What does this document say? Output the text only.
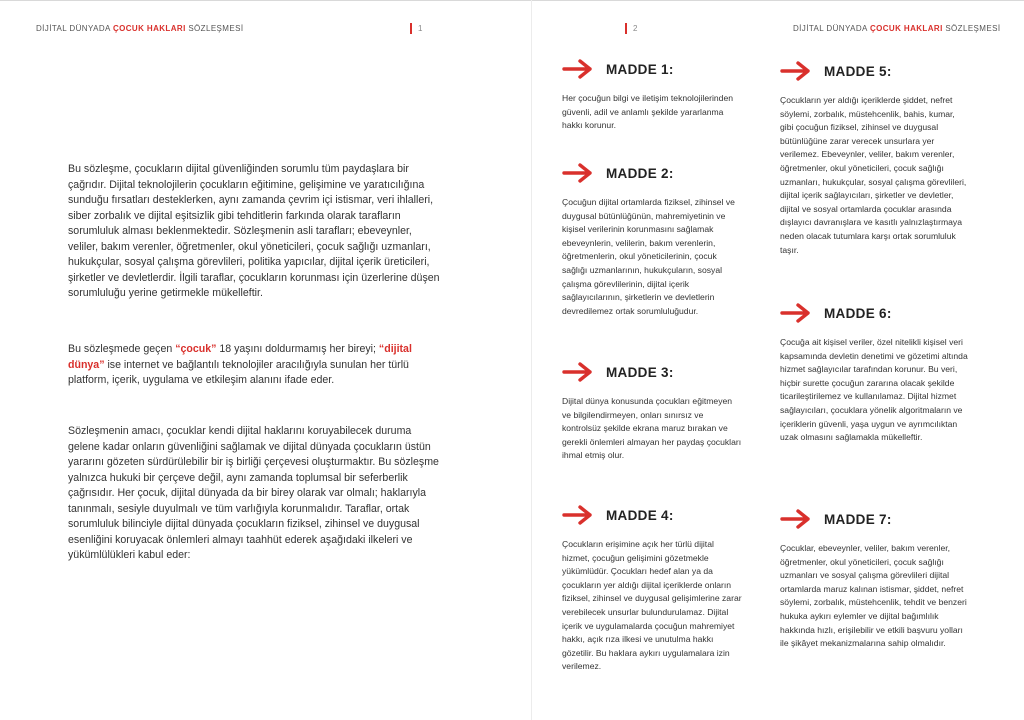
DİJİTAL DÜNYADA ÇOCUK HAKLARI SÖZLEŞMESİ	1	2	DİJİTAL DÜNYADA ÇOCUK HAKLARI SÖZLEŞMESİ

Bu sözleşme, çocukların dijital güvenliğinden sorumlu tüm paydaşlara bir çağrıdır. Dijital teknolojilerin çocukların eğitimine, gelişimine ve yaratıcılığına sunduğu fırsatları desteklerken, aynı zamanda çevrim içi istismar, veri ihlalleri, siber zorbalık ve dijital eşitsizlik gibi tehditlerin farkında olarak tarafların sorumluluk alması beklenmektedir. Sözleşmenin asli tarafları; ebeveynler, veliler, bakım verenler, öğretmenler, okul yöneticileri, çocuk sağlığı uzmanları, hukukçular, sosyal çalışma görevlileri, politika yapıcılar, dijital içerik üreticileri, şirketler ve devletlerdir. İlgili taraflar, çocukların korunması için üzerlerine düşen sorumluluğu yerine getirmekle mükelleftir.

Bu sözleşmede geçen “çocuk” 18 yaşını doldurmamış her bireyi; “dijital dünya” ise internet ve bağlantılı teknolojiler aracılığıyla sunulan her türlü platform, içerik, uygulama ve etkileşim alanını ifade eder.

Sözleşmenin amacı, çocuklar kendi dijital haklarını koruyabilecek duruma gelene kadar onların güvenliğini sağlamak ve dijital dünyada çocukların üstün yararını gözeten sürdürülebilir bir iş birliği çerçevesi oluşturmaktır. Bu sözleşme yalnızca hukuki bir çerçeve değil, aynı zamanda toplumsal bir seferberlik çağrısıdır. Her çocuk, dijital dünyada da bir birey olarak var olmalı; haklarıyla tanınmalı, sesiyle duyulmalı ve tüm varlığıyla korunmalıdır. Taraflar, ortak sorumluluk bilinciyle dijital dünyada çocukların fiziksel, zihinsel ve duygusal esenliğini koruyacak önlemleri almayı taahhüt ederek aşağıdaki ilkeleri ve yükümlülükleri kabul eder:

MADDE 1:
Her çocuğun bilgi ve iletişim teknolojilerinden güvenli, adil ve anlamlı şekilde yararlanma hakkı korunur.
MADDE 2:
Çocuğun dijital ortamlarda fiziksel, zihinsel ve duygusal bütünlüğünün, mahremiyetinin ve kişisel verilerinin korunmasını sağlamak ebeveynlerin, velilerin, bakım verenlerin, öğretmenlerin, okul yöneticilerinin, çocuk sağlığı uzmanlarının, hukukçuların, sosyal çalışma görevlilerinin, dijital içerik sağlayıcılarının, şirketlerin ve devletlerin devredilemez ortak sorumluluğudur.
MADDE 3:
Dijital dünya konusunda çocukları eğitmeyen ve bilgilendirmeyen, onları sınırsız ve kontrolsüz şekilde ekrana maruz bırakan ve gerekli önlemleri almayan her paydaş çocukları ihmal etmiş olur.
MADDE 4:
Çocukların erişimine açık her türlü dijital hizmet, çocuğun gelişimini gözetmekle yükümlüdür. Çocukları hedef alan ya da çocukların yer aldığı dijital içeriklerde onların fiziksel, zihinsel ve duygusal gelişimlerine zarar verebilecek unsurlar bulundurulamaz. Dijital içerik ve uygulamalarda çocuğun mahremiyet hakkı, açık rıza ilkesi ve unutulma hakkı gözetilir. Bu haklara aykırı uygulamalara izin verilemez.
MADDE 5:
Çocukların yer aldığı içeriklerde şiddet, nefret söylemi, zorbalık, müstehcenlik, bahis, kumar, gibi çocuğun fiziksel, zihinsel ve duygusal bütünlüğüne zarar verecek unsurlara yer verilemez. Ebeveynler, veliler, bakım verenler, öğretmenler, okul yöneticileri, çocuk sağlığı uzmanları, hukukçular, sosyal çalışma görevlileri, dijital içerik sağlayıcıları, şirketler ve devletler, dijital ve sosyal ortamlarda çocuklar arasında dışlayıcı davranışlara ve kasıtlı yalnızlaştırmaya neden olacak tutumlara karşı ortak sorumluluk taşır.
MADDE 6:
Çocuğa ait kişisel veriler, özel nitelikli kişisel veri kapsamında devletin denetimi ve gözetimi altında hizmet sağlayıcılar tarafından korunur. Bu veri, hiçbir surette çocuğun zararına olacak şekilde ticarileştirilemez ve kullanılamaz. Dijital hizmet sağlayıcıları, çocuklara yönelik algoritmaların ve içeriklerin güvenli, yaşa uygun ve ayrımcılıktan uzak olmasını sağlamakla mükelleftir.
MADDE 7:
Çocuklar, ebeveynler, veliler, bakım verenler, öğretmenler, okul yöneticileri, çocuk sağlığı uzmanları ve sosyal çalışma görevlileri dijital ortamlarda maruz kalınan istismar, şiddet, nefret söylemi, zorbalık, müstehcenlik, tehdit ve benzeri hukuka aykırı eylemler ve dijital bağımlılık hakkında hızlı, erişilebilir ve etkili başvuru yolları ile şikâyet mekanizmalarına sahip olmalıdır.
